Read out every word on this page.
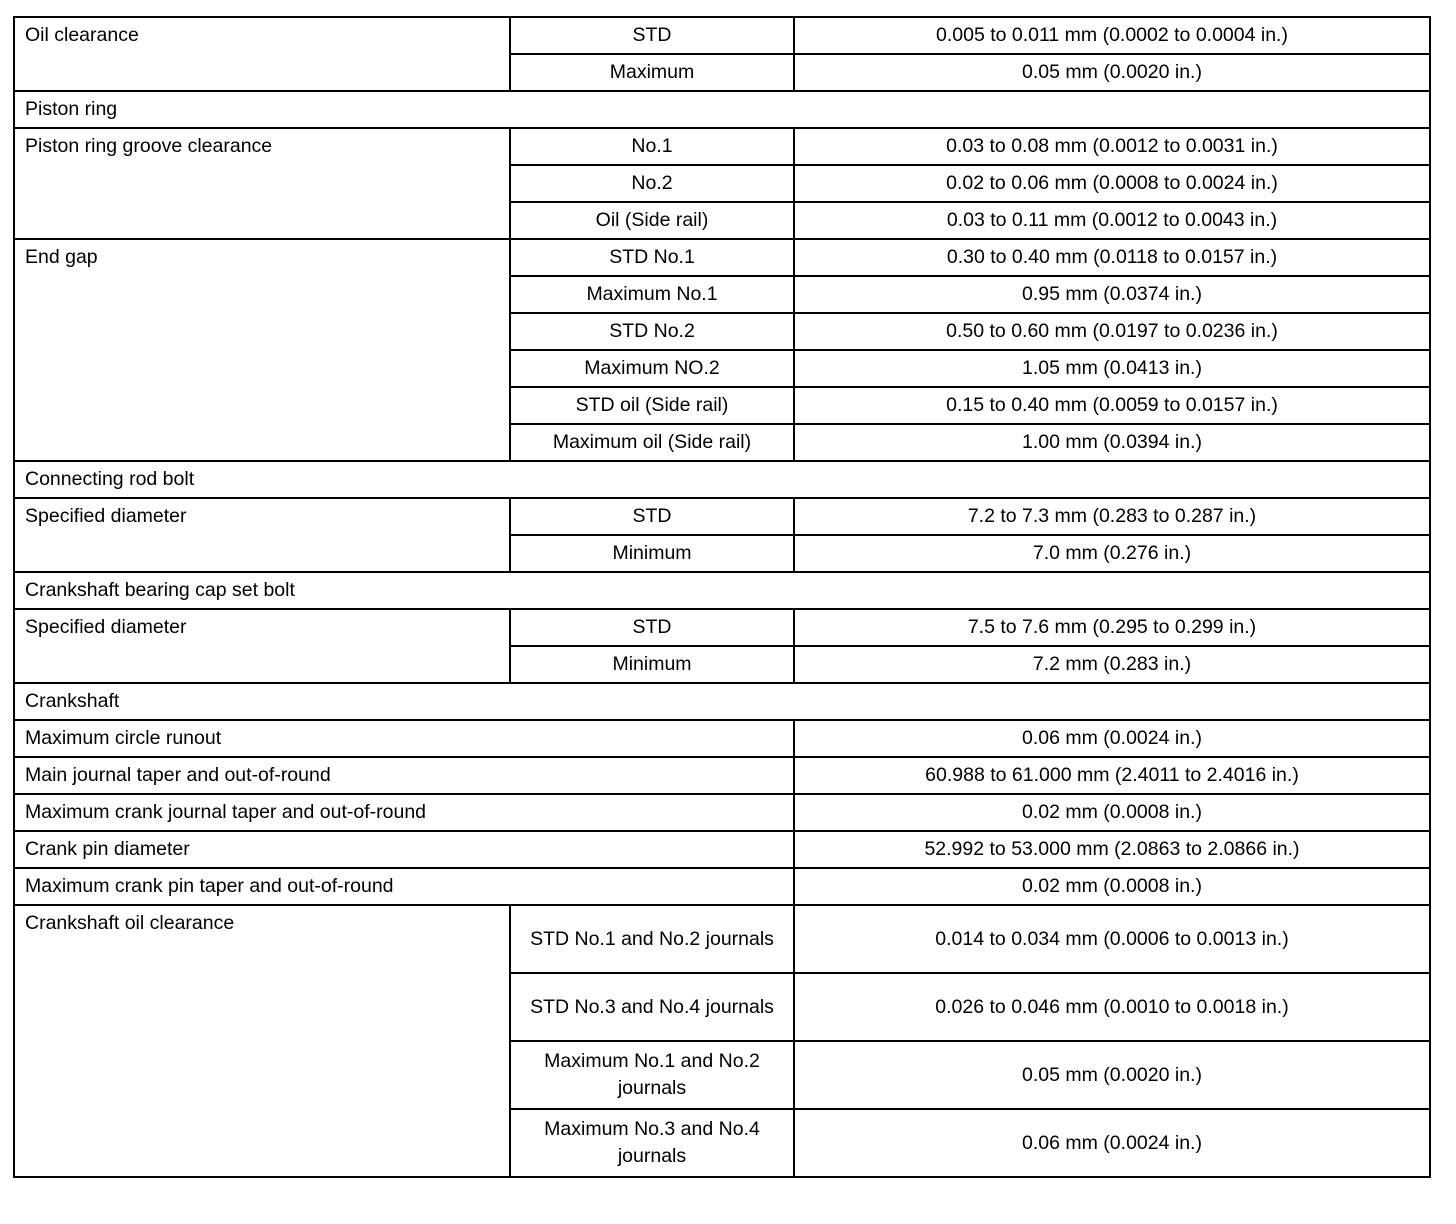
Oil clearance	STD	0.005 to 0.011 mm (0.0002 to 0.0004 in.)
	Maximum	0.05 mm (0.0020 in.)
Piston ring		
Piston ring groove clearance	No.1	0.03 to 0.08 mm (0.0012 to 0.0031 in.)
	No.2	0.02 to 0.06 mm (0.0008 to 0.0024 in.)
	Oil (Side rail)	0.03 to 0.11 mm (0.0012 to 0.0043 in.)
End gap	STD No.1	0.30 to 0.40 mm (0.0118 to 0.0157 in.)
	Maximum No.1	0.95 mm (0.0374 in.)
	STD No.2	0.50 to 0.60 mm (0.0197 to 0.0236 in.)
	Maximum NO.2	1.05 mm (0.0413 in.)
	STD oil (Side rail)	0.15 to 0.40 mm (0.0059 to 0.0157 in.)
	Maximum oil (Side rail)	1.00 mm (0.0394 in.)
Connecting rod bolt		
Specified diameter	STD	7.2 to 7.3 mm (0.283 to 0.287 in.)
	Minimum	7.0 mm (0.276 in.)
Crankshaft bearing cap set bolt		
Specified diameter	STD	7.5 to 7.6 mm (0.295 to 0.299 in.)
	Minimum	7.2 mm (0.283 in.)
Crankshaft		
Maximum circle runout		0.06 mm (0.0024 in.)
Main journal taper and out-of-round		60.988 to 61.000 mm (2.4011 to 2.4016 in.)
Maximum crank journal taper and out-of-round		0.02 mm (0.0008 in.)
Crank pin diameter		52.992 to 53.000 mm (2.0863 to 2.0866 in.)
Maximum crank pin taper and out-of-round		0.02 mm (0.0008 in.)
Crankshaft oil clearance	STD No.1 and No.2 journals	0.014 to 0.034 mm (0.0006 to 0.0013 in.)
	STD No.3 and No.4 journals	0.026 to 0.046 mm (0.0010 to 0.0018 in.)
	Maximum No.1 and No.2 journals	0.05 mm (0.0020 in.)
	Maximum No.3 and No.4 journals	0.06 mm (0.0024 in.)
